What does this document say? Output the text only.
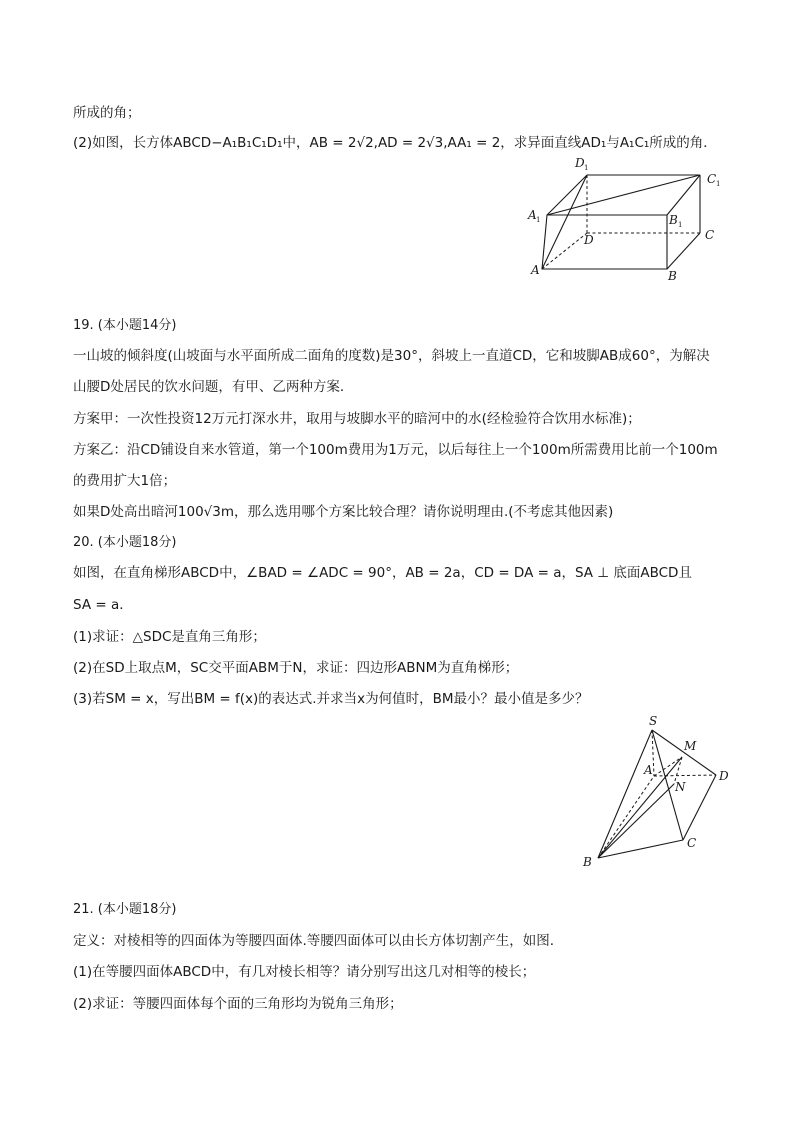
所成的角；
(2)如图，长方体ABCD−A₁B₁C₁D₁中，AB = 2√2,AD = 2√3,AA₁ = 2，求异面直线AD₁与A₁C₁所成的角．
D 1
C 1
A 1	B 1
D	C
A	B
19. (本小题14分)
一山坡的倾斜度(山坡面与水平面所成二面角的度数)是30°，斜坡上一直道CD，它和坡脚AB成60°，为解决
山腰D处居民的饮水问题，有甲、乙两种方案．
方案甲：一次性投资12万元打深水井，取用与坡脚水平的暗河中的水(经检验符合饮用水标准)；
方案乙：沿CD铺设自来水管道，第一个100m费用为1万元，以后每往上一个100m所需费用比前一个100m
的费用扩大1倍；
如果D处高出暗河100√3m，那么选用哪个方案比较合理？请你说明理由.(不考虑其他因素)
20. (本小题18分)
如图，在直角梯形ABCD中，∠BAD = ∠ADC = 90°，AB = 2a，CD = DA = a，SA ⊥ 底面ABCD且
SA = a．
(1)求证：△SDC是直角三角形；
(2)在SD上取点M，SC交平面ABM于N，求证：四边形ABNM为直角梯形；
(3)若SM = x，写出BM = f(x)的表达式.并求当x为何值时，BM最小？最小值是多少？
S
M
A	D
N
C
B
21. (本小题18分)
定义：对棱相等的四面体为等腰四面体.等腰四面体可以由长方体切割产生，如图.
(1)在等腰四面体ABCD中，有几对棱长相等？请分别写出这几对相等的棱长；
(2)求证：等腰四面体每个面的三角形均为锐角三角形；
